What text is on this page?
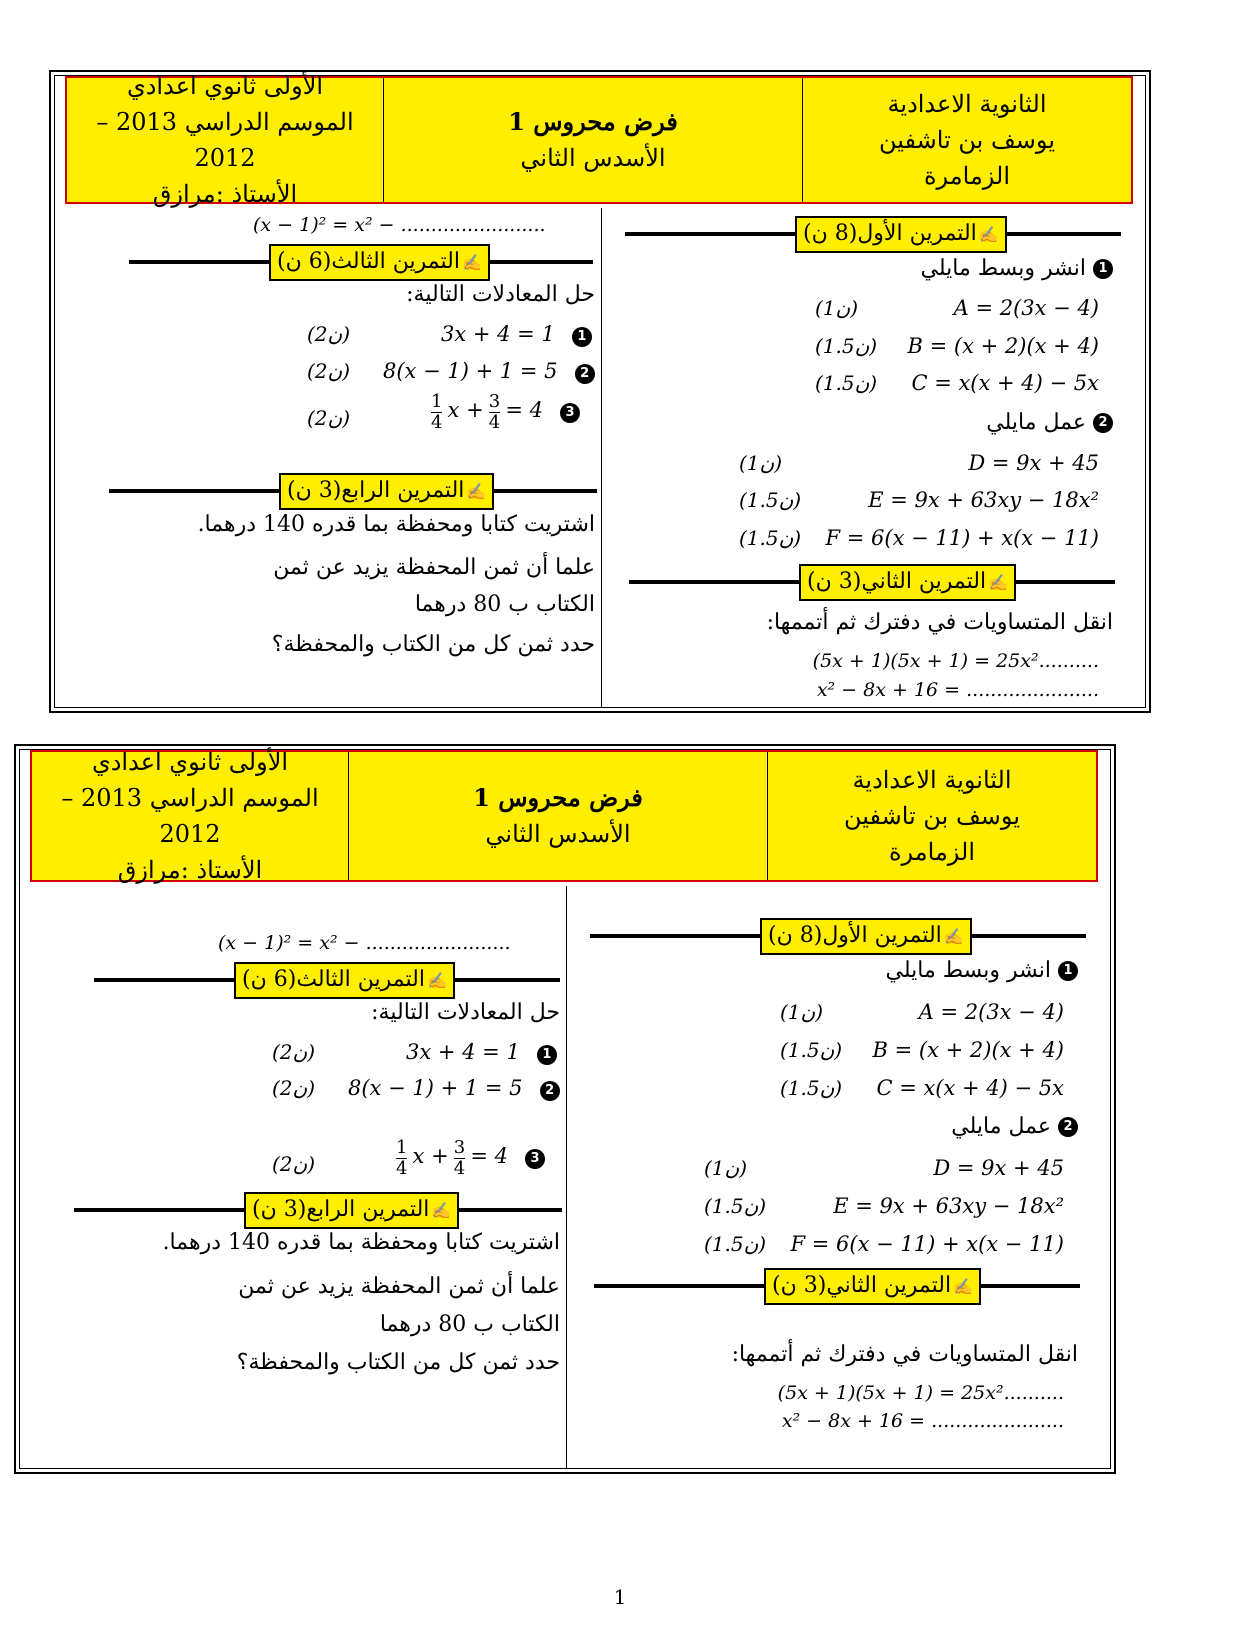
الثانوية الاعدادية
يوسف بن تاشفين
الزمامرة
فرض محروس 1
الأسدس الثاني
الأولى ثانوي اعدادي
الموسم الدراسي 2013 – 2012
الأستاذ :مرازق
✍التمرين الأول(8 ن)
1 انشر وبسط مايلي
A = 2(3x − 4)
(1ن)
B = (x + 2)(x + 4)
(1.5ن)
C = x(x + 4) − 5x
(1.5ن)
2 عمل مايلي
D = 9x + 45
(1ن)
E = 9x + 63xy − 18x²
(1.5ن)
F = 6(x − 11) + x(x − 11)
(1.5ن)
✍التمرين الثاني(3 ن)
انقل المتساويات في دفترك ثم أتممها:
(5x + 1)(5x + 1) = 25x²..........
x² − 8x + 16 = ......................
(x − 1)² = x² − ........................
✍التمرين الثالث(6 ن)
حل المعادلات التالية:
3x + 4 = 1 1
(2ن)
8(x − 1) + 1 = 5 2
(2ن)
$\frac{1}{4}$ $x + \frac{3}{4} = 4$ 3
(2ن)
✍التمرين الرابع(3 ن)
اشتريت كتابا ومحفظة بما قدره 140 درهما.
علما أن ثمن المحفظة يزيد عن ثمن
الكتاب ب 80 درهما
حدد ثمن كل من الكتاب والمحفظة؟
الثانوية الاعدادية
يوسف بن تاشفين
الزمامرة
فرض محروس 1
الأسدس الثاني
الأولى ثانوي اعدادي
الموسم الدراسي 2013 – 2012
الأستاذ :مرازق
✍التمرين الأول(8 ن)
1 انشر وبسط مايلي
A = 2(3x − 4)
(1ن)
B = (x + 2)(x + 4)
(1.5ن)
C = x(x + 4) − 5x
(1.5ن)
2 عمل مايلي
D = 9x + 45
(1ن)
E = 9x + 63xy − 18x²
(1.5ن)
F = 6(x − 11) + x(x − 11)
(1.5ن)
✍التمرين الثاني(3 ن)
انقل المتساويات في دفترك ثم أتممها:
(5x + 1)(5x + 1) = 25x²..........
x² − 8x + 16 = ......................
(x − 1)² = x² − ........................
✍التمرين الثالث(6 ن)
حل المعادلات التالية:
3x + 4 = 1 1
(2ن)
8(x − 1) + 1 = 5 2
(2ن)
$\frac{1}{4}$ $x + \frac{3}{4} = 4$ 3
(2ن)
✍التمرين الرابع(3 ن)
اشتريت كتابا ومحفظة بما قدره 140 درهما.
علما أن ثمن المحفظة يزيد عن ثمن
الكتاب ب 80 درهما
حدد ثمن كل من الكتاب والمحفظة؟
1
